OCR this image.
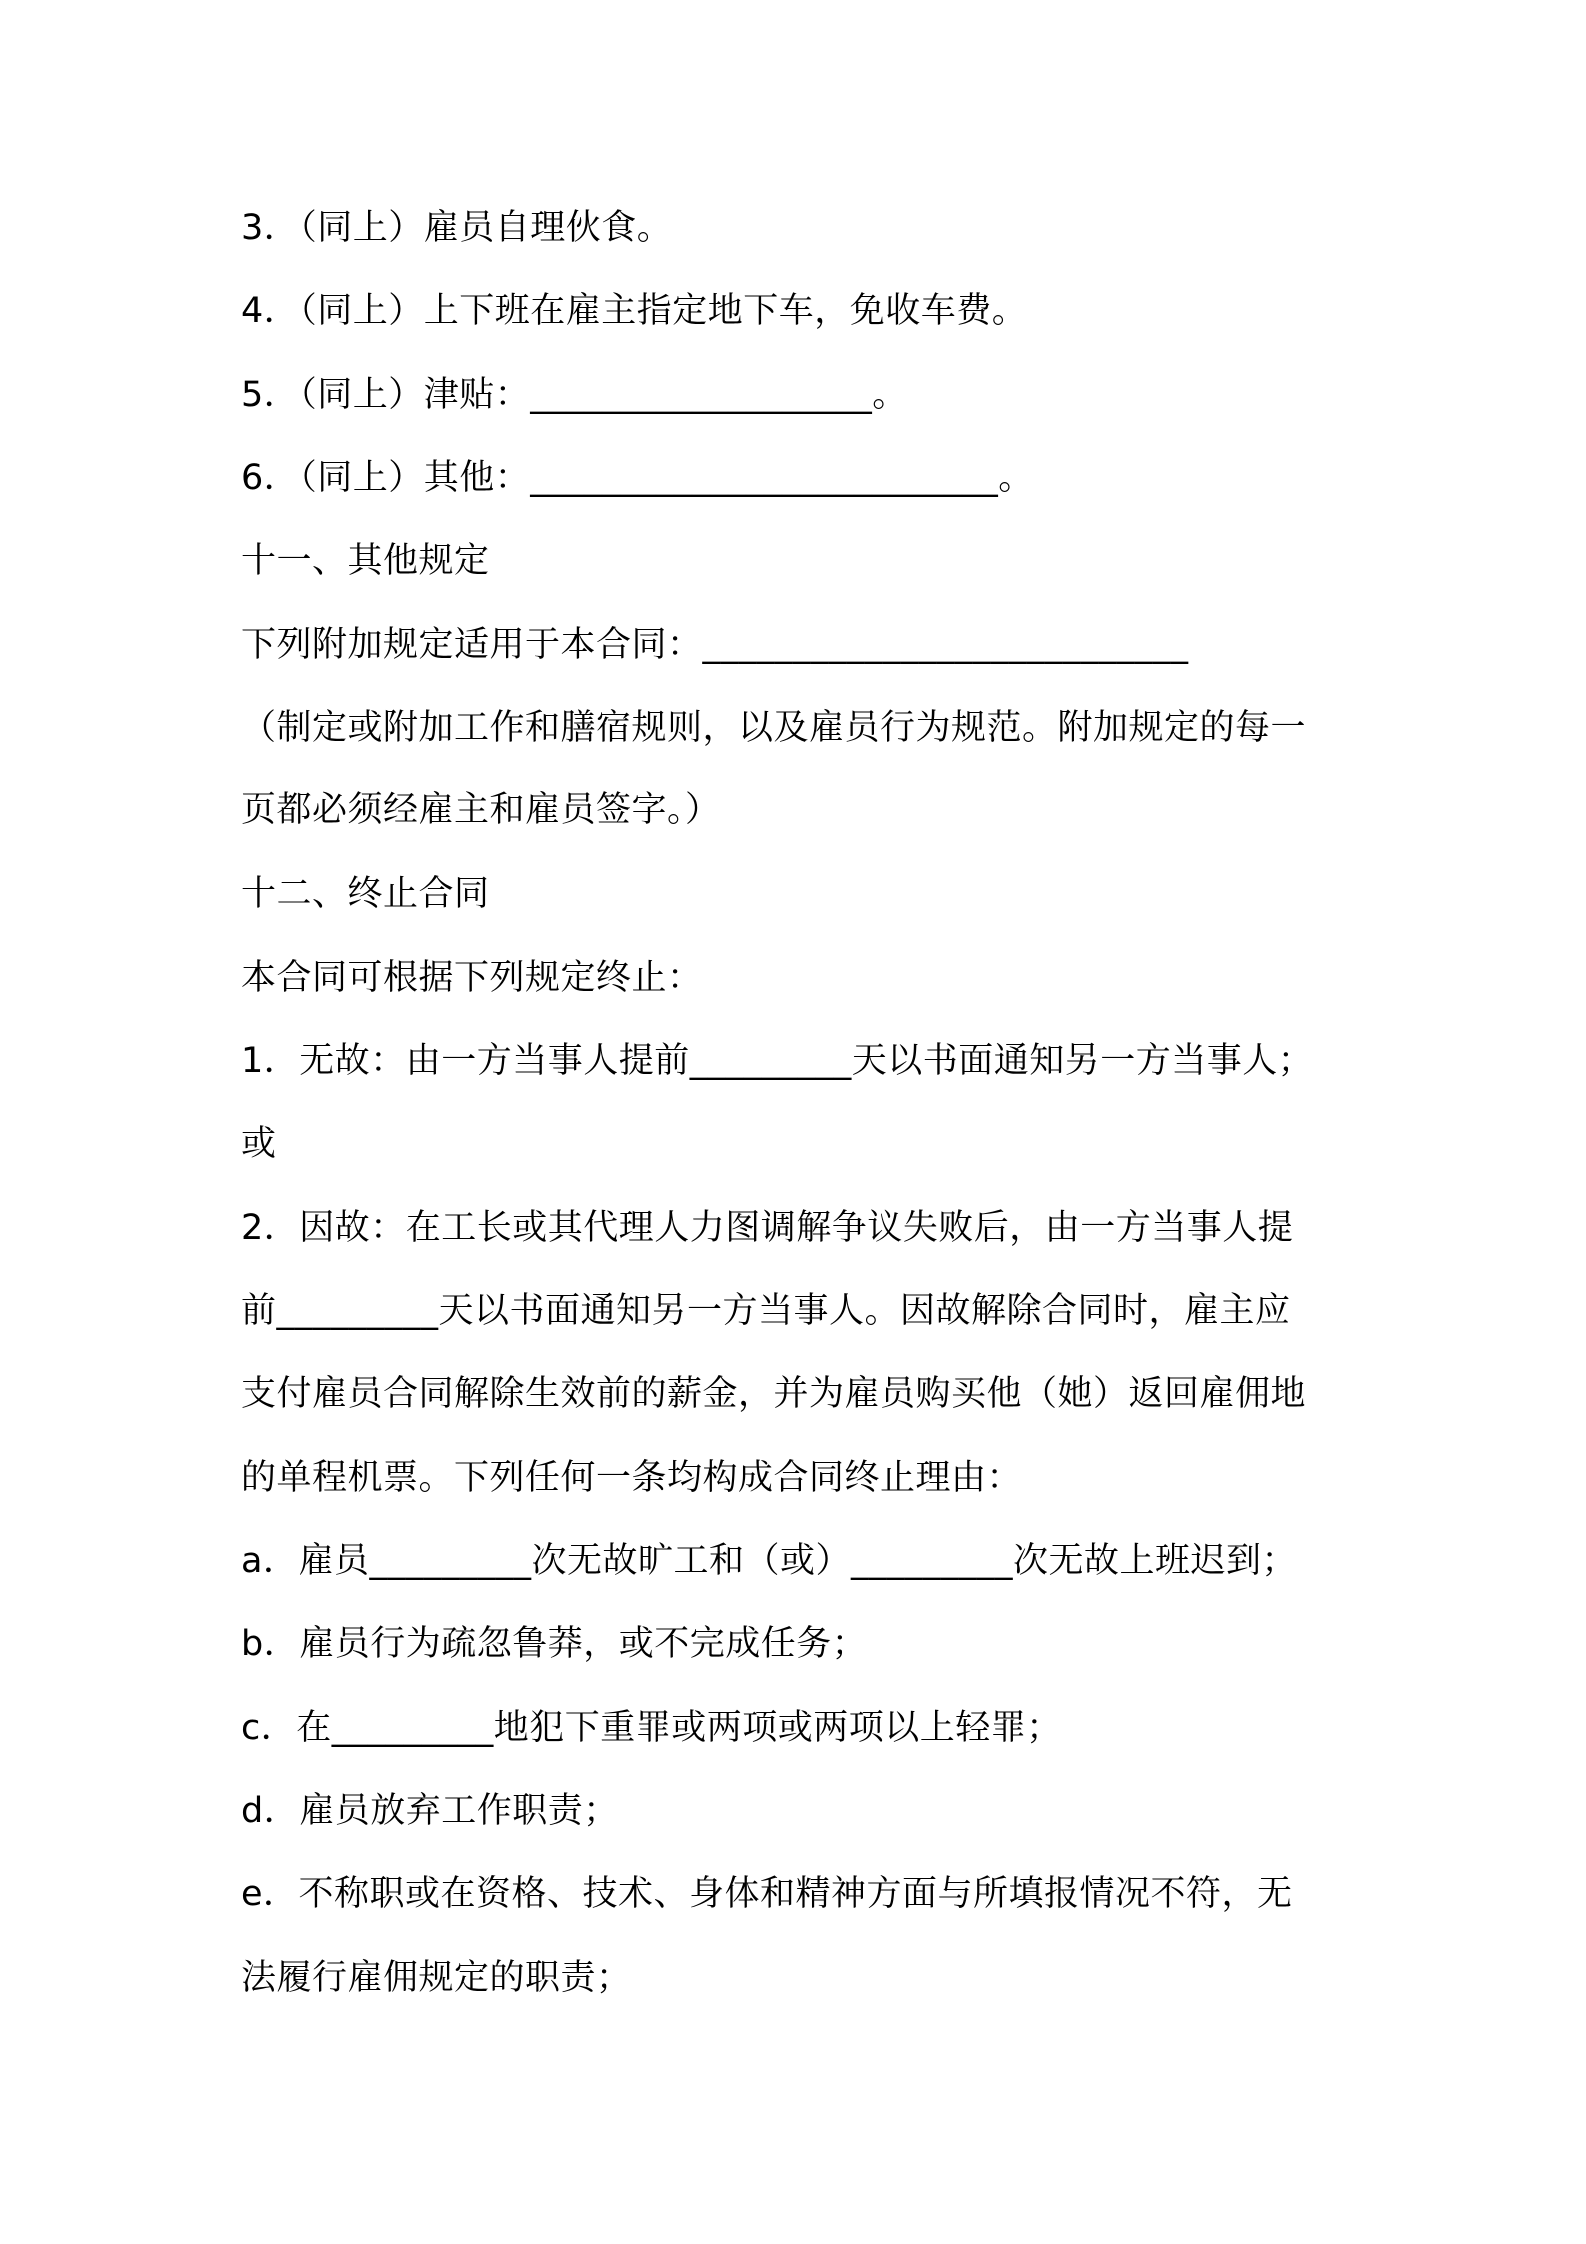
3．（同上）雇员自理伙食。
4．（同上）上下班在雇主指定地下车，免收车费。
5．（同上）津贴：___________________。
6．（同上）其他：__________________________。
十一、其他规定
下列附加规定适用于本合同：___________________________
（制定或附加工作和膳宿规则，以及雇员行为规范。附加规定的每一
页都必须经雇主和雇员签字。）
十二、终止合同
本合同可根据下列规定终止：
1．无故：由一方当事人提前_________天以书面通知另一方当事人；
或
2．因故：在工长或其代理人力图调解争议失败后，由一方当事人提
前_________天以书面通知另一方当事人。因故解除合同时，雇主应
支付雇员合同解除生效前的薪金，并为雇员购买他（她）返回雇佣地
的单程机票。下列任何一条均构成合同终止理由：
a．雇员_________次无故旷工和（或）_________次无故上班迟到；
b．雇员行为疏忽鲁莽，或不完成任务；
c．在_________地犯下重罪或两项或两项以上轻罪；
d．雇员放弃工作职责；
e．不称职或在资格、技术、身体和精神方面与所填报情况不符，无
法履行雇佣规定的职责；
